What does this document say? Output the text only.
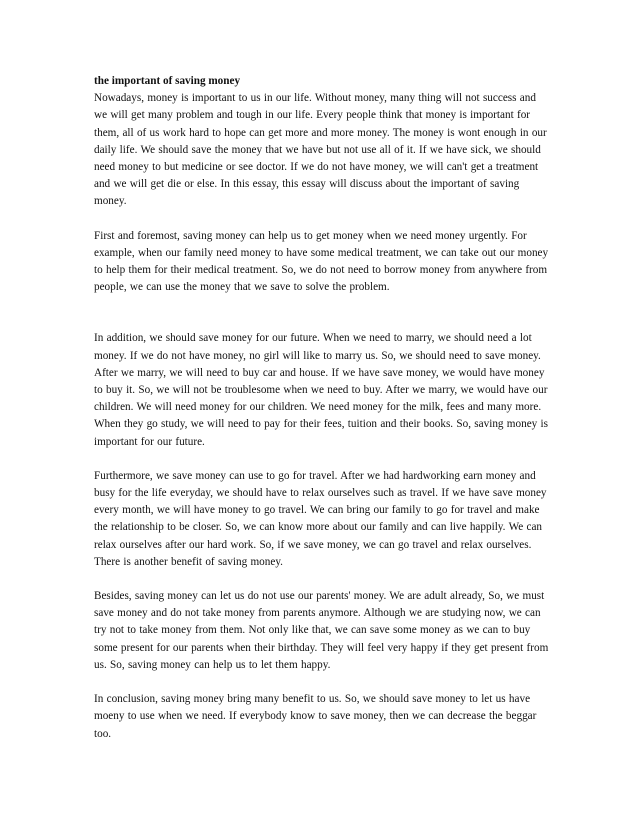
the important of saving money

Nowadays, money is important to us in our life. Without money, many thing will not success and we will get many problem and tough in our life. Every people think that money is important for them, all of us work hard to hope can get more and more money. The money is wont enough in our daily life. We should save the money that we have but not use all of it. If we have sick, we should need money to but medicine or see doctor. If we do not have money, we will can't get a treatment and we will get die or else. In this essay, this essay will discuss about the important of saving money.

First and foremost, saving money can help us to get money when we need money urgently. For example, when our family need money to have some medical treatment, we can take out our money to help them for their medical treatment. So, we do not need to borrow money from anywhere from people, we can use the money that we save to solve the problem.

In addition, we should save money for our future. When we need to marry, we should need a lot money. If we do not have money, no girl will like to marry us. So, we should need to save money. After we marry, we will need to buy car and house. If we have save money, we would have money to buy it. So, we will not be troublesome when we need to buy. After we marry, we would have our children. We will need money for our children. We need money for the milk, fees and many more. When they go study, we will need to pay for their fees, tuition and their books. So, saving money is important for our future.

Furthermore, we save money can use to go for travel. After we had hardworking earn money and busy for the life everyday, we should have to relax ourselves such as travel. If we have save money every month, we will have money to go travel. We can bring our family to go for travel and make the relationship to be closer. So, we can know more about our family and can live happily. We can relax ourselves after our hard work. So, if we save money, we can go travel and relax ourselves. There is another benefit of saving money.

Besides, saving money can let us do not use our parents' money. We are adult already, So, we must save money and do not take money from parents anymore. Although we are studying now, we can try not to take money from them. Not only like that, we can save some money as we can to buy some present for our parents when their birthday. They will feel very happy if they get present from us. So, saving money can help us to let them happy.

In conclusion, saving money bring many benefit to us. So, we should save money to let us have moeny to use when we need. If everybody know to save money, then we can decrease the beggar too.
